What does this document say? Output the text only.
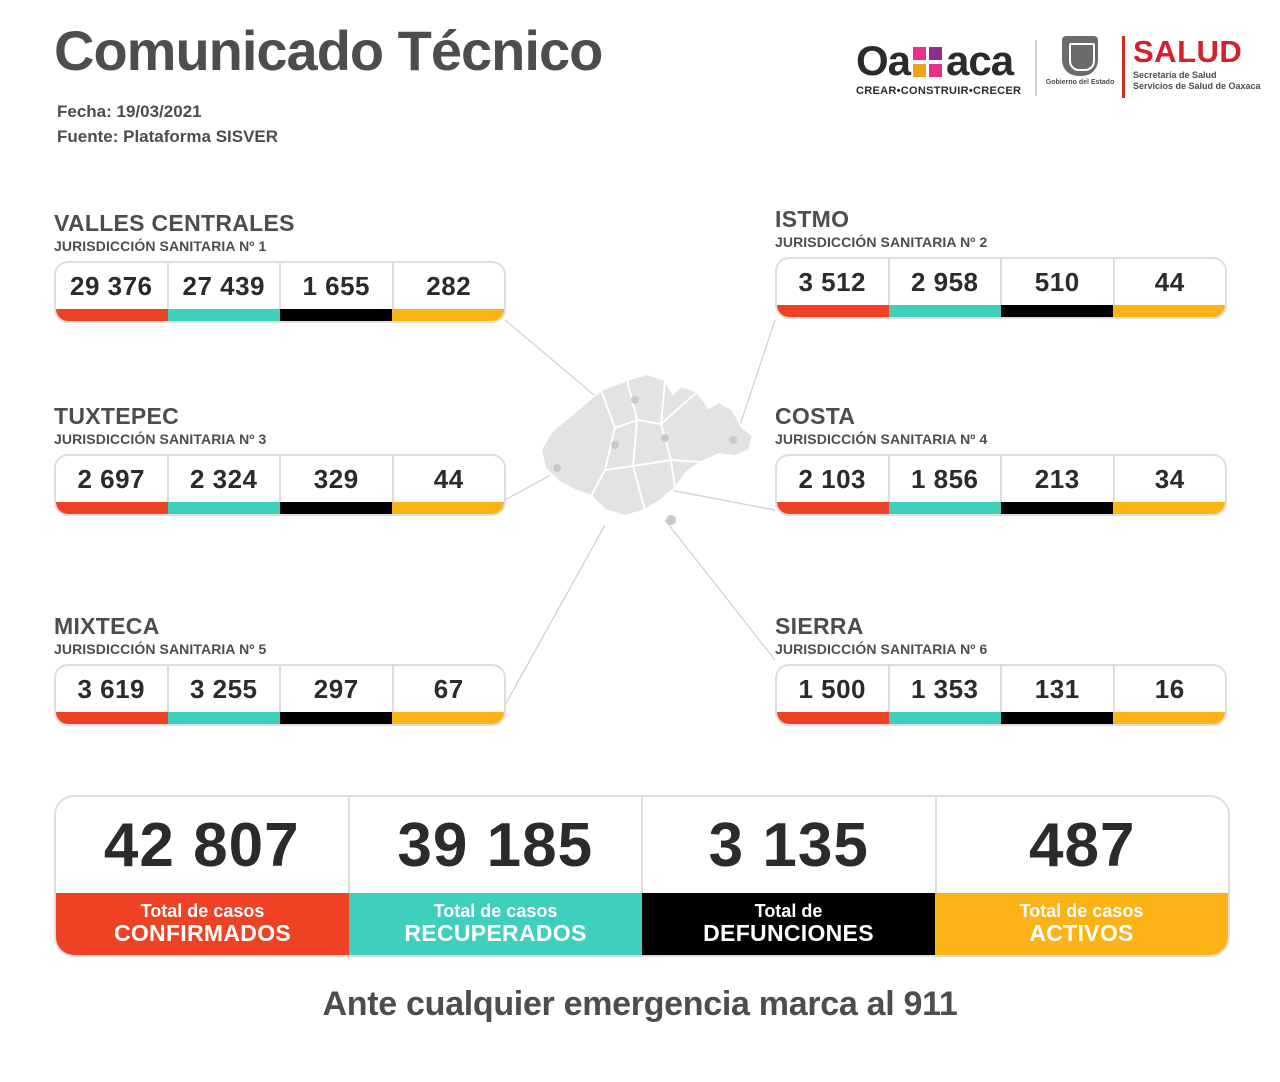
Comunicado Técnico
Fecha: 19/03/2021
Fuente: Plataforma SISVER
Oa aca
CREAR•CONSTRUIR•CRECER
Gobierno del Estado
SALUD
Secretaría de Salud
Servicios de Salud de Oaxaca
VALLES CENTRALES
JURISDICCIÓN SANITARIA Nº 1
29 376	27 439	1 655	282
ISTMO
JURISDICCIÓN SANITARIA Nº 2
3 512	2 958	510	44
TUXTEPEC
JURISDICCIÓN SANITARIA Nº 3
2 697	2 324	329	44
COSTA
JURISDICCIÓN SANITARIA Nº 4
2 103	1 856	213	34
MIXTECA
JURISDICCIÓN SANITARIA Nº 5
3 619	3 255	297	67
SIERRA
JURISDICCIÓN SANITARIA Nº 6
1 500	1 353	131	16
42 807	39 185	3 135	487
Total de casos
CONFIRMADOS
Total de casos
RECUPERADOS
Total de
DEFUNCIONES
Total de casos
ACTIVOS
Ante cualquier emergencia marca al 911
